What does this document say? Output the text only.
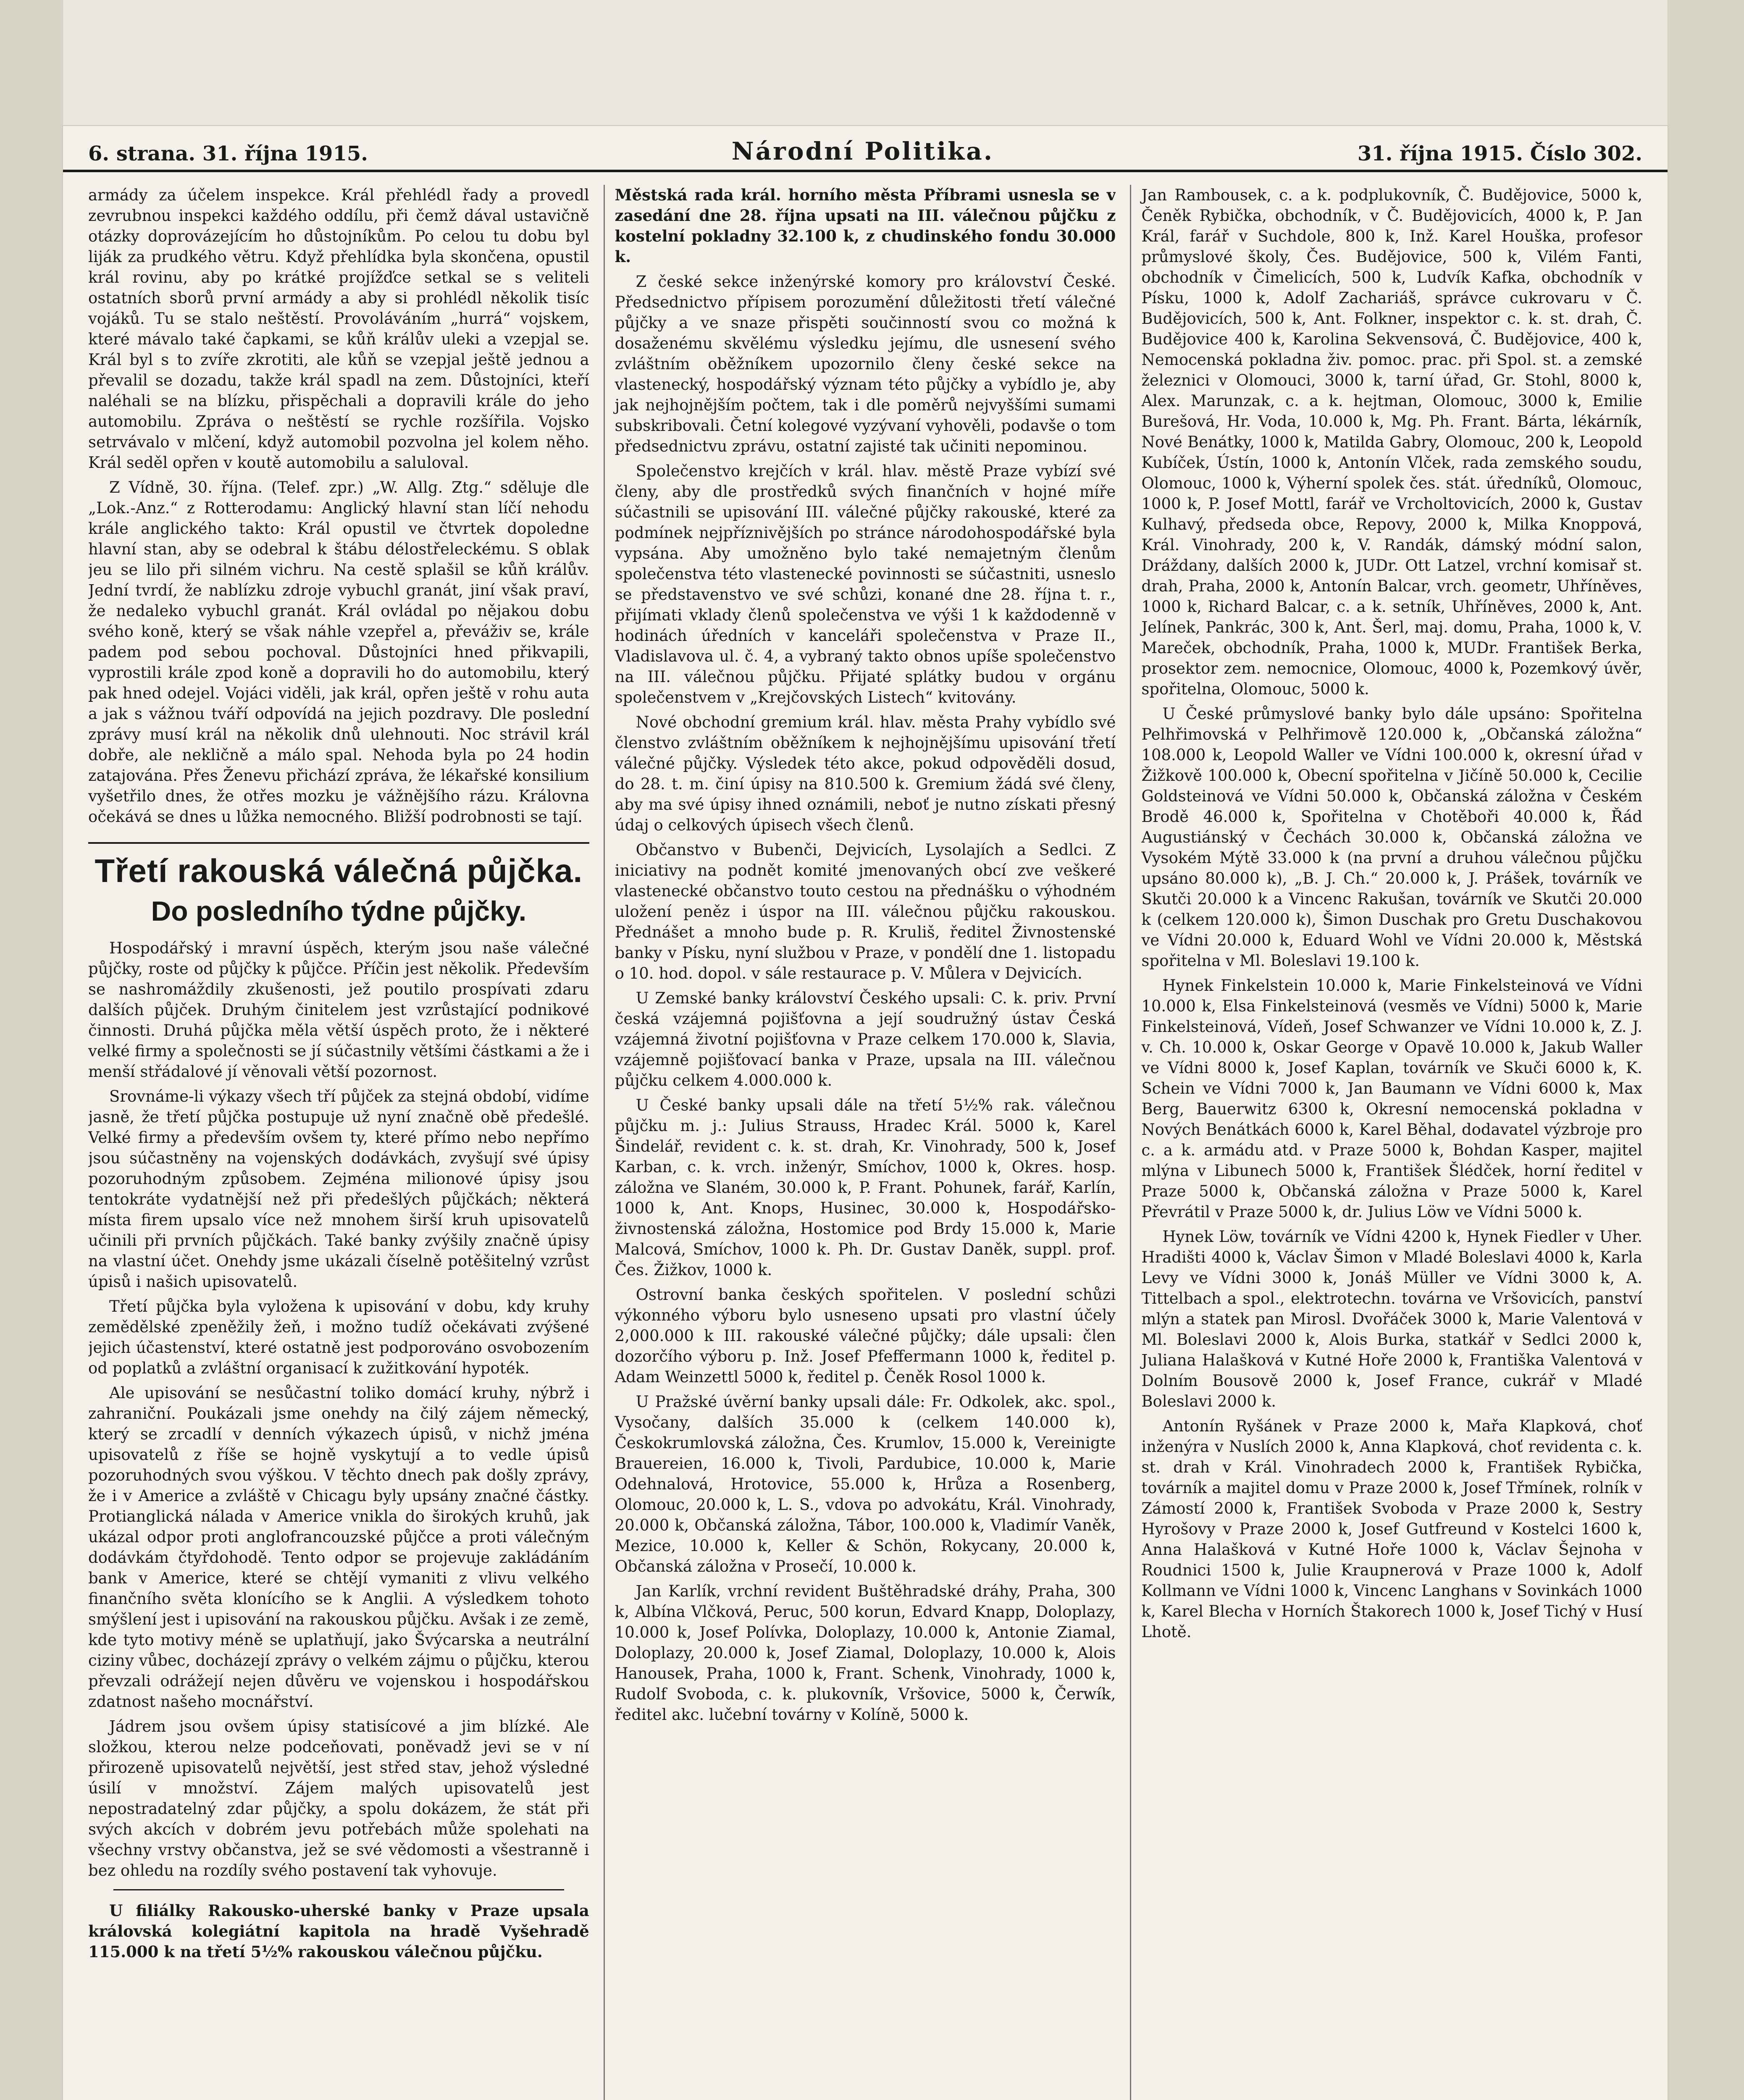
6. strana. 31. října 1915.	Národní Politika.	31. října 1915. Číslo 302.

armády za účelem inspekce. Král přehlédl řady a provedl zevrubnou inspekci každého oddílu, při čemž dával ustavičně otázky doprovázejícím ho důstojníkům. Po celou tu dobu byl liják za prudkého větru. Když přehlídka byla skončena, opustil král rovinu, aby po krátké projížďce setkal se s veliteli ostatních sborů první armády a aby si prohlédl několik tisíc vojáků. Tu se stalo neštěstí. Provoláváním „hurrá“ vojskem, které mávalo také čapkami, se kůň králův uleki a vzepjal se. Král byl s to zvíře zkrotiti, ale kůň se vzepjal ještě jednou a převalil se dozadu, takže král spadl na zem. Důstojníci, kteří naléhali se na blízku, přispěchali a dopravili krále do jeho automobilu. Zpráva o neštěstí se rychle rozšířila. Vojsko setrvávalo v mlčení, když automobil pozvolna jel kolem něho. Král seděl opřen v koutě automobilu a saluloval.

Z Vídně, 30. října. (Telef. zpr.) „W. Allg. Ztg.“ sděluje dle „Lok.-Anz.“ z Rotterodamu: Anglický hlavní stan líčí nehodu krále anglického takto: Král opustil ve čtvrtek dopoledne hlavní stan, aby se odebral k štábu délostřeleckému. S oblak jeu se lilo při silném vichru. Na cestě splašil se kůň králův. Jední tvrdí, že nablízku zdroje vybuchl granát, jiní však praví, že nedaleko vybuchl granát. Král ovládal po nějakou dobu svého koně, který se však náhle vzepřel a, převáživ se, krále padem pod sebou pochoval. Důstojníci hned přikvapili, vyprostili krále zpod koně a dopravili ho do automobilu, který pak hned odejel. Vojáci viděli, jak král, opřen ještě v rohu auta a jak s vážnou tváří odpovídá na jejich pozdravy. Dle poslední zprávy musí král na několik dnů ulehnouti. Noc strávil král dobře, ale nekličně a málo spal. Nehoda byla po 24 hodin zatajována. Přes Ženevu přichází zpráva, že lékařské konsilium vyšetřilo dnes, že otřes mozku je vážnějšího rázu. Královna očekává se dnes u lůžka nemocného. Bližší podrobnosti se tají.

Třetí rakouská válečná půjčka.
Do posledního týdne půjčky.

Hospodářský i mravní úspěch, kterým jsou naše válečné půjčky, roste od půjčky k půjčce. Příčin jest několik. Především se nashromáždily zkušenosti, jež poutilo prospívati zdaru dalších půjček. Druhým činitelem jest vzrůstající podnikové činnosti. Druhá půjčka měla větší úspěch proto, že i některé velké firmy a společnosti se jí súčastnily většími částkami a že i menší střádalové jí věnovali větší pozornost.

Srovnáme-li výkazy všech tří půjček za stejná období, vidíme jasně, že třetí půjčka postupuje už nyní značně obě předešlé. Velké firmy a především ovšem ty, které přímo nebo nepřímo jsou súčastněny na vojenských dodávkách, zvyšují své úpisy pozoruhodným způsobem. Zejména milionové úpisy jsou tentokráte vydatnější než při předešlých půjčkách; některá místa firem upsalo více než mnohem širší kruh upisovatelů učinili při prvních půjčkách. Také banky zvýšily značně úpisy na vlastní účet. Onehdy jsme ukázali číselně potěšitelný vzrůst úpisů i našich upisovatelů.

Třetí půjčka byla vyložena k upisování v dobu, kdy kruhy zemědělské zpeněžily žeň, i možno tudíž očekávati zvýšené jejich účastenství, které ostatně jest podporováno osvobozením od poplatků a zvláštní organisací k zužitkování hypoték.

Ale upisování se nesůčastní toliko domácí kruhy, nýbrž i zahraniční. Poukázali jsme onehdy na čilý zájem německý, který se zrcadlí v denních výkazech úpisů, v nichž jména upisovatelů z říše se hojně vyskytují a to vedle úpisů pozoruhodných svou výškou. V těchto dnech pak došly zprávy, že i v Americe a zvláště v Chicagu byly upsány značné částky. Protianglická nálada v Americe vnikla do širokých kruhů, jak ukázal odpor proti anglofrancouzské půjčce a proti válečným dodávkám čtyřdohodě. Tento odpor se projevuje zakládáním bank v Americe, které se chtějí vymaniti z vlivu velkého finančního světa klonícího se k Anglii. A výsledkem tohoto smýšlení jest i upisování na rakouskou půjčku. Avšak i ze země, kde tyto motivy méně se uplatňují, jako Švýcarska a neutrální ciziny vůbec, docházejí zprávy o velkém zájmu o půjčku, kterou převzali odrážejí nejen důvěru ve vojenskou i hospodářskou zdatnost našeho mocnářství.

Jádrem jsou ovšem úpisy statisícové a jim blízké. Ale složkou, kterou nelze podceňovati, poněvadž jevi se v ní přirozeně upisovatelů největší, jest střed stav, jehož výsledné úsilí v množství. Zájem malých upisovatelů jest nepostradatelný zdar půjčky, a spolu dokázem, že stát při svých akcích v dobrém jevu potřebách může spolehati na všechny vrstvy občanstva, jež se své vědomosti a všestranně i bez ohledu na rozdíly svého postavení tak vyhovuje.

U filiálky Rakousko-uherské banky v Praze upsala královská kolegiátní kapitola na hradě Vyšehradě 115.000 k na třetí 5½% rakouskou válečnou půjčku.

Městská rada král. horního města Příbrami usnesla se v zasedání dne 28. října upsati na III. válečnou půjčku z kostelní pokladny 32.100 k, z chudinského fondu 30.000 k.

Z české sekce inženýrské komory pro království České. Předsednictvo přípisem porozumění důležitosti třetí válečné půjčky a ve snaze přispěti součinností svou co možná k dosaženému skvělému výsledku jejímu, dle usnesení svého zvláštním oběžníkem upozornilo členy české sekce na vlastenecký, hospodářský význam této půjčky a vybídlo je, aby jak nejhojnějším počtem, tak i dle poměrů nejvyššími sumami subskribovali. Četní kolegové vyzývaní vyhověli, podavše o tom předsednictvu zprávu, ostatní zajisté tak učiniti nepominou.

Společenstvo krejčích v král. hlav. městě Praze vybízí své členy, aby dle prostředků svých finančních v hojné míře súčastnili se upisování III. válečné půjčky rakouské, které za podmínek nejpříznivějších po stránce národohospodářské byla vypsána. Aby umožněno bylo také nemajetným členům společenstva této vlastenecké povinnosti se súčastniti, usneslo se představenstvo ve své schůzi, konané dne 28. října t. r., přijímati vklady členů společenstva ve výši 1 k každodenně v hodinách úředních v kanceláři společenstva v Praze II., Vladislavova ul. č. 4, a vybraný takto obnos upíše společenstvo na III. válečnou půjčku. Přijaté splátky budou v orgánu společenstvem v „Krejčovských Listech“ kvitovány.

Nové obchodní gremium král. hlav. města Prahy vybídlo své členstvo zvláštním oběžníkem k nejhojnějšímu upisování třetí válečné půjčky. Výsledek této akce, pokud odpověděli dosud, do 28. t. m. činí úpisy na 810.500 k. Gremium žádá své členy, aby ma své úpisy ihned oznámili, neboť je nutno získati přesný údaj o celkových úpisech všech členů.

Občanstvo v Bubenči, Dejvicích, Lysolajích a Sedlci. Z iniciativy na podnět komité jmenovaných obcí zve veškeré vlastenecké občanstvo touto cestou na přednášku o výhodném uložení peněz i úspor na III. válečnou půjčku rakouskou. Přednášet a mnoho bude p. R. Kruliš, ředitel Živnostenské banky v Písku, nyní službou v Praze, v pondělí dne 1. listopadu o 10. hod. dopol. v sále restaurace p. V. Můlera v Dejvicích.

U Zemské banky království Českého upsali: C. k. priv. První česká vzájemná pojišťovna a její soudružný ústav Česká vzájemná životní pojišťovna v Praze celkem 170.000 k, Slavia, vzájemně pojišťovací banka v Praze, upsala na III. válečnou půjčku celkem 4.000.000 k.

U České banky upsali dále na třetí 5½% rak. válečnou půjčku m. j.: Julius Strauss, Hradec Král. 5000 k, Karel Šindelář, revident c. k. st. drah, Kr. Vinohrady, 500 k, Josef Karban, c. k. vrch. inženýr, Smíchov, 1000 k, Okres. hosp. záložna ve Slaném, 30.000 k, P. Frant. Pohunek, farář, Karlín, 1000 k, Ant. Knops, Husinec, 30.000 k, Hospodářsko-živnostenská záložna, Hostomice pod Brdy 15.000 k, Marie Malcová, Smíchov, 1000 k. Ph. Dr. Gustav Daněk, suppl. prof. Čes. Žižkov, 1000 k.

Ostrovní banka českých spořitelen. V poslední schůzi výkonného výboru bylo usneseno upsati pro vlastní účely 2,000.000 k III. rakouské válečné půjčky; dále upsali: člen dozorčího výboru p. Inž. Josef Pfeffermann 1000 k, ředitel p. Adam Weinzettl 5000 k, ředitel p. Čeněk Rosol 1000 k.

U Pražské úvěrní banky upsali dále: Fr. Odkolek, akc. spol., Vysočany, dalších 35.000 k (celkem 140.000 k), Českokrumlovská záložna, Čes. Krumlov, 15.000 k, Vereinigte Brauereien, 16.000 k, Tivoli, Pardubice, 10.000 k, Marie Odehnalová, Hrotovice, 55.000 k, Hrůza a Rosenberg, Olomouc, 20.000 k, L. S., vdova po advokátu, Král. Vinohrady, 20.000 k, Občanská záložna, Tábor, 100.000 k, Vladimír Vaněk, Mezice, 10.000 k, Keller & Schön, Rokycany, 20.000 k, Občanská záložna v Prosečí, 10.000 k.

Jan Karlík, vrchní revident Buštěhradské dráhy, Praha, 300 k, Albína Vlčková, Peruc, 500 korun, Edvard Knapp, Doloplazy, 10.000 k, Josef Polívka, Doloplazy, 10.000 k, Antonie Ziamal, Doloplazy, 20.000 k, Josef Ziamal, Doloplazy, 10.000 k, Alois Hanousek, Praha, 1000 k, Frant. Schenk, Vinohrady, 1000 k, Rudolf Svoboda, c. k. plukovník, Vršovice, 5000 k, Čerwík, ředitel akc. lučební továrny v Kolíně, 5000 k.

Jan Rambousek, c. a k. podplukovník, Č. Budějovice, 5000 k, Čeněk Rybička, obchodník, v Č. Budějovicích, 4000 k, P. Jan Král, farář v Suchdole, 800 k, Inž. Karel Houška, profesor průmyslové školy, Čes. Budějovice, 500 k, Vilém Fanti, obchodník v Čimelicích, 500 k, Ludvík Kafka, obchodník v Písku, 1000 k, Adolf Zachariáš, správce cukrovaru v Č. Budějovicích, 500 k, Ant. Folkner, inspektor c. k. st. drah, Č. Budějovice 400 k, Karolina Sekvensová, Č. Budějovice, 400 k, Nemocenská pokladna živ. pomoc. prac. při Spol. st. a zemské železnici v Olomouci, 3000 k, tarní úřad, Gr. Stohl, 8000 k, Alex. Marunzak, c. a k. hejtman, Olomouc, 3000 k, Emilie Burešová, Hr. Voda, 10.000 k, Mg. Ph. Frant. Bárta, lékárník, Nové Benátky, 1000 k, Matilda Gabry, Olomouc, 200 k, Leopold Kubíček, Ústín, 1000 k, Antonín Vlček, rada zemského soudu, Olomouc, 1000 k, Výherní spolek čes. stát. úředníků, Olomouc, 1000 k, P. Josef Mottl, farář ve Vrcholtovicích, 2000 k, Gustav Kulhavý, předseda obce, Repovy, 2000 k, Milka Knoppová, Král. Vinohrady, 200 k, V. Randák, dámský módní salon, Dráždany, dalších 2000 k, JUDr. Ott Latzel, vrchní komisař st. drah, Praha, 2000 k, Antonín Balcar, vrch. geometr, Uhříněves, 1000 k, Richard Balcar, c. a k. setník, Uhříněves, 2000 k, Ant. Jelínek, Pankrác, 300 k, Ant. Šerl, maj. domu, Praha, 1000 k, V. Mareček, obchodník, Praha, 1000 k, MUDr. František Berka, prosektor zem. nemocnice, Olomouc, 4000 k, Pozemkový úvěr, spořitelna, Olomouc, 5000 k.

U České průmyslové banky bylo dále upsáno: Spořitelna Pelhřimovská v Pelhřimově 120.000 k, „Občanská záložna“ 108.000 k, Leopold Waller ve Vídni 100.000 k, okresní úřad v Žižkově 100.000 k, Obecní spořitelna v Jičíně 50.000 k, Cecilie Goldsteinová ve Vídni 50.000 k, Občanská záložna v Českém Brodě 46.000 k, Spořitelna v Chotěboři 40.000 k, Řád Augustiánský v Čechách 30.000 k, Občanská záložna ve Vysokém Mýtě 33.000 k (na první a druhou válečnou půjčku upsáno 80.000 k), „B. J. Ch.“ 20.000 k, J. Prášek, továrník ve Skutči 20.000 k a Vincenc Rakušan, továrník ve Skutči 20.000 k (celkem 120.000 k), Šimon Duschak pro Gretu Duschakovou ve Vídni 20.000 k, Eduard Wohl ve Vídni 20.000 k, Městská spořitelna v Ml. Boleslavi 19.100 k.

Hynek Finkelstein 10.000 k, Marie Finkelsteinová ve Vídni 10.000 k, Elsa Finkelsteinová (vesměs ve Vídni) 5000 k, Marie Finkelsteinová, Vídeň, Josef Schwanzer ve Vídni 10.000 k, Z. J. v. Ch. 10.000 k, Oskar George v Opavě 10.000 k, Jakub Waller ve Vídni 8000 k, Josef Kaplan, továrník ve Skuči 6000 k, K. Schein ve Vídni 7000 k, Jan Baumann ve Vídni 6000 k, Max Berg, Bauerwitz 6300 k, Okresní nemocenská pokladna v Nových Benátkách 6000 k, Karel Běhal, dodavatel výzbroje pro c. a k. armádu atd. v Praze 5000 k, Bohdan Kasper, majitel mlýna v Libunech 5000 k, František Šlédček, horní ředitel v Praze 5000 k, Občanská záložna v Praze 5000 k, Karel Převrátil v Praze 5000 k, dr. Julius Löw ve Vídni 5000 k.

Hynek Löw, továrník ve Vídni 4200 k, Hynek Fiedler v Uher. Hradišti 4000 k, Václav Šimon v Mladé Boleslavi 4000 k, Karla Levy ve Vídni 3000 k, Jonáš Müller ve Vídni 3000 k, A. Tittelbach a spol., elektrotechn. továrna ve Vršovicích, panství mlýn a statek pan Mirosl. Dvořáček 3000 k, Marie Valentová v Ml. Boleslavi 2000 k, Alois Burka, statkář v Sedlci 2000 k, Juliana Halašková v Kutné Hoře 2000 k, Františka Valentová v Dolním Bousově 2000 k, Josef France, cukrář v Mladé Boleslavi 2000 k.

Antonín Ryšánek v Praze 2000 k, Mařa Klapková, choť inženýra v Nuslích 2000 k, Anna Klapková, choť revidenta c. k. st. drah v Král. Vinohradech 2000 k, František Rybička, továrník a majitel domu v Praze 2000 k, Josef Třmínek, rolník v Zámostí 2000 k, František Svoboda v Praze 2000 k, Sestry Hyrošovy v Praze 2000 k, Josef Gutfreund v Kostelci 1600 k, Anna Halašková v Kutné Hoře 1000 k, Václav Šejnoha v Roudnici 1500 k, Julie Kraupnerová v Praze 1000 k, Adolf Kollmann ve Vídni 1000 k, Vincenc Langhans v Sovinkách 1000 k, Karel Blecha v Horních Štakorech 1000 k, Josef Tichý v Husí Lhotě.
